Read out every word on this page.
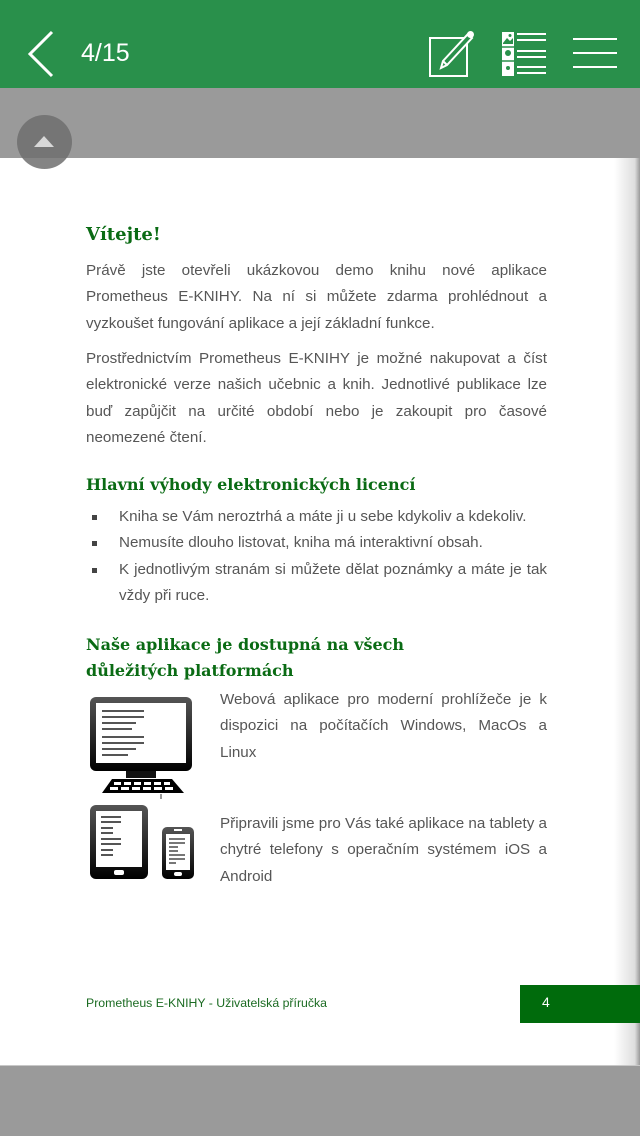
4/15
Vítejte!

Právě jste otevřeli ukázkovou demo knihu nové aplikace Prometheus E-KNIHY. Na ní si můžete zdarma prohlédnout a vyzkoušet fungování aplikace a její základní funkce.

Prostřednictvím Prometheus E-KNIHY je možné nakupovat a číst elektronické verze našich učebnic a knih. Jednotlivé publikace lze buď zapůjčit na určité období nebo je zakoupit pro časové neomezené čtení.

Hlavní výhody elektronických licencí
Kniha se Vám neroztrhá a máte ji u sebe kdykoliv a kdekoliv.
Nemusíte dlouho listovat, kniha má interaktivní obsah.
K jednotlivým stranám si můžete dělat poznámky a máte je tak vždy při ruce.
Naše aplikace je dostupná na všech důležitých platformách

Webová aplikace pro moderní prohlížeče je k dispozici na počítačích Windows, MacOs a Linux

Připravili jsme pro Vás také aplikace na tablety a chytré telefony s operačním systémem iOS a Android

Prometheus E-KNIHY - Uživatelská příručka	4
